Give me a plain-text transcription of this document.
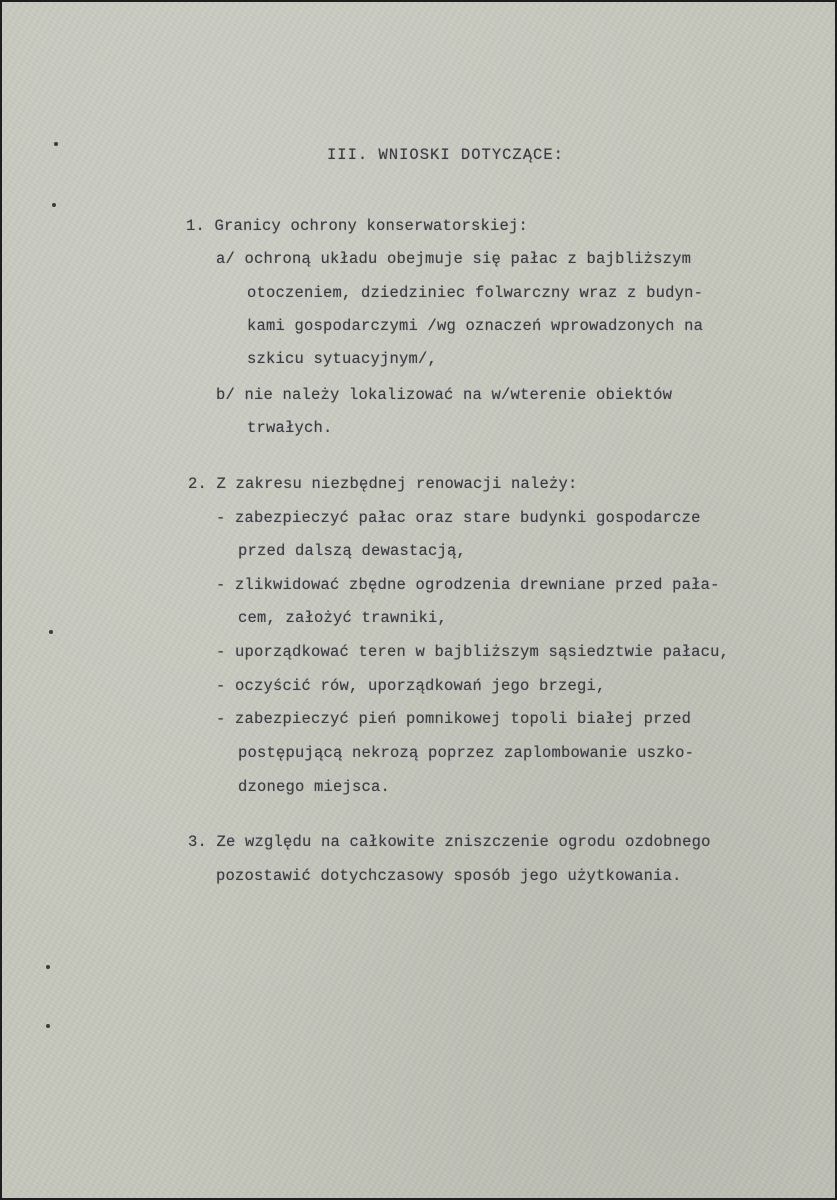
III. WNIOSKI DOTYCZĄCE:
1. Granicy ochrony konserwatorskiej:
a/ ochroną układu obejmuje się pałac z bajbliższym
otoczeniem, dziedziniec folwarczny wraz z budyn-
kami gospodarczymi /wg oznaczeń wprowadzonych na
szkicu sytuacyjnym/,
b/ nie należy lokalizować na w/wterenie obiektów
trwałych.
2. Z zakresu niezbędnej renowacji należy:
- zabezpieczyć pałac oraz stare budynki gospodarcze
przed dalszą dewastacją,
- zlikwidować zbędne ogrodzenia drewniane przed pała-
cem, założyć trawniki,
- uporządkować teren w bajbliższym sąsiedztwie pałacu,
- oczyścić rów, uporządkowań jego brzegi,
- zabezpieczyć pień pomnikowej topoli białej przed
postępującą nekrozą poprzez zaplombowanie uszko-
dzonego miejsca.
3. Ze względu na całkowite zniszczenie ogrodu ozdobnego
pozostawić dotychczasowy sposób jego użytkowania.
